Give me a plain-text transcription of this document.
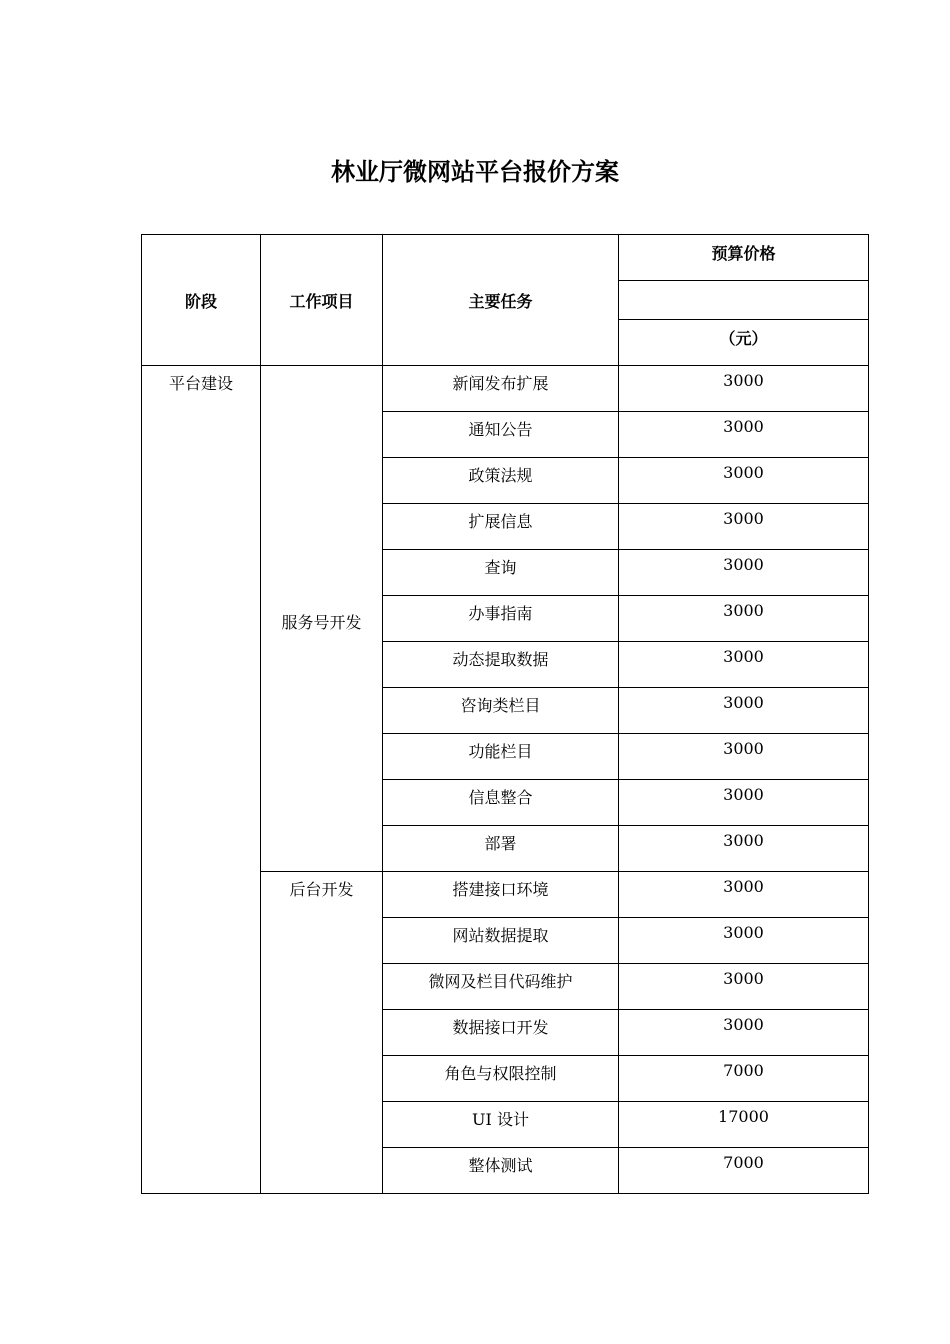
林业厅微网站平台报价方案
阶段	工作项目	主要任务	预算价格

			（元）
平台建设	服务号开发	新闻发布扩展	3000
		通知公告	3000
		政策法规	3000
		扩展信息	3000
		查询	3000
		办事指南	3000
		动态提取数据	3000
		咨询类栏目	3000
		功能栏目	3000
		信息整合	3000
		部署	3000
	后台开发	搭建接口环境	3000
		网站数据提取	3000
		微网及栏目代码维护	3000
		数据接口开发	3000
		角色与权限控制	7000
		UI 设计	17000
		整体测试	7000
